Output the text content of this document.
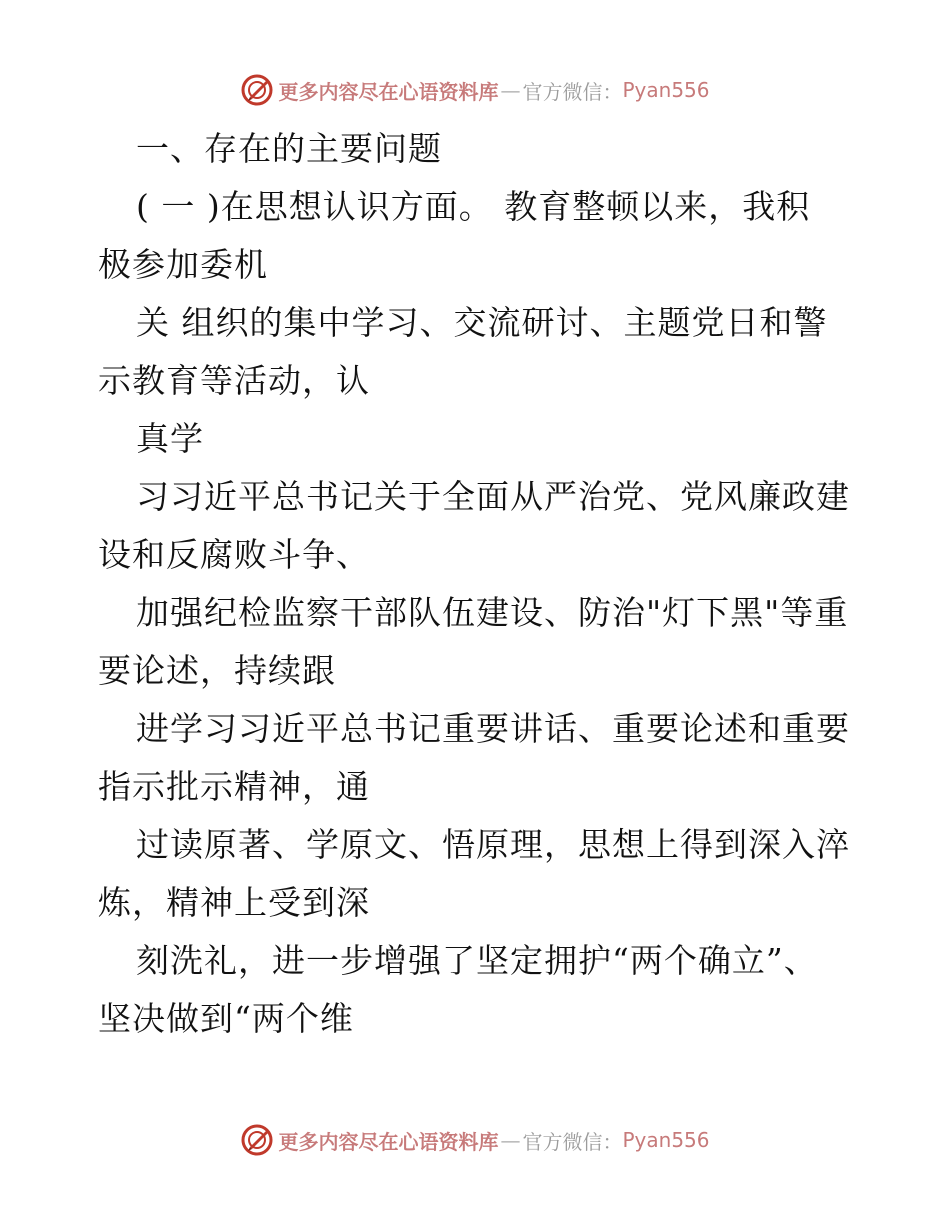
更多内容尽在心语资料库 — 官方微信： Pyan556
一、存在的主要问题
( 一 )在思想认识方面。 教育整顿以来，我积
极参加委机
关 组织的集中学习、交流研讨、主题党日和警
示教育等活动，认
真学
习习近平总书记关于全面从严治党、党风廉政建
设和反腐败斗争、
加强纪检监察干部队伍建设、防治"灯下黑"等重
要论述，持续跟
进学习习近平总书记重要讲话、重要论述和重要
指示批示精神，通
过读原著、学原文、悟原理，思想上得到深入淬
炼，精神上受到深
刻洗礼，进一步增强了坚定拥护“两个确立”、
坚决做到“两个维
更多内容尽在心语资料库 — 官方微信： Pyan556
